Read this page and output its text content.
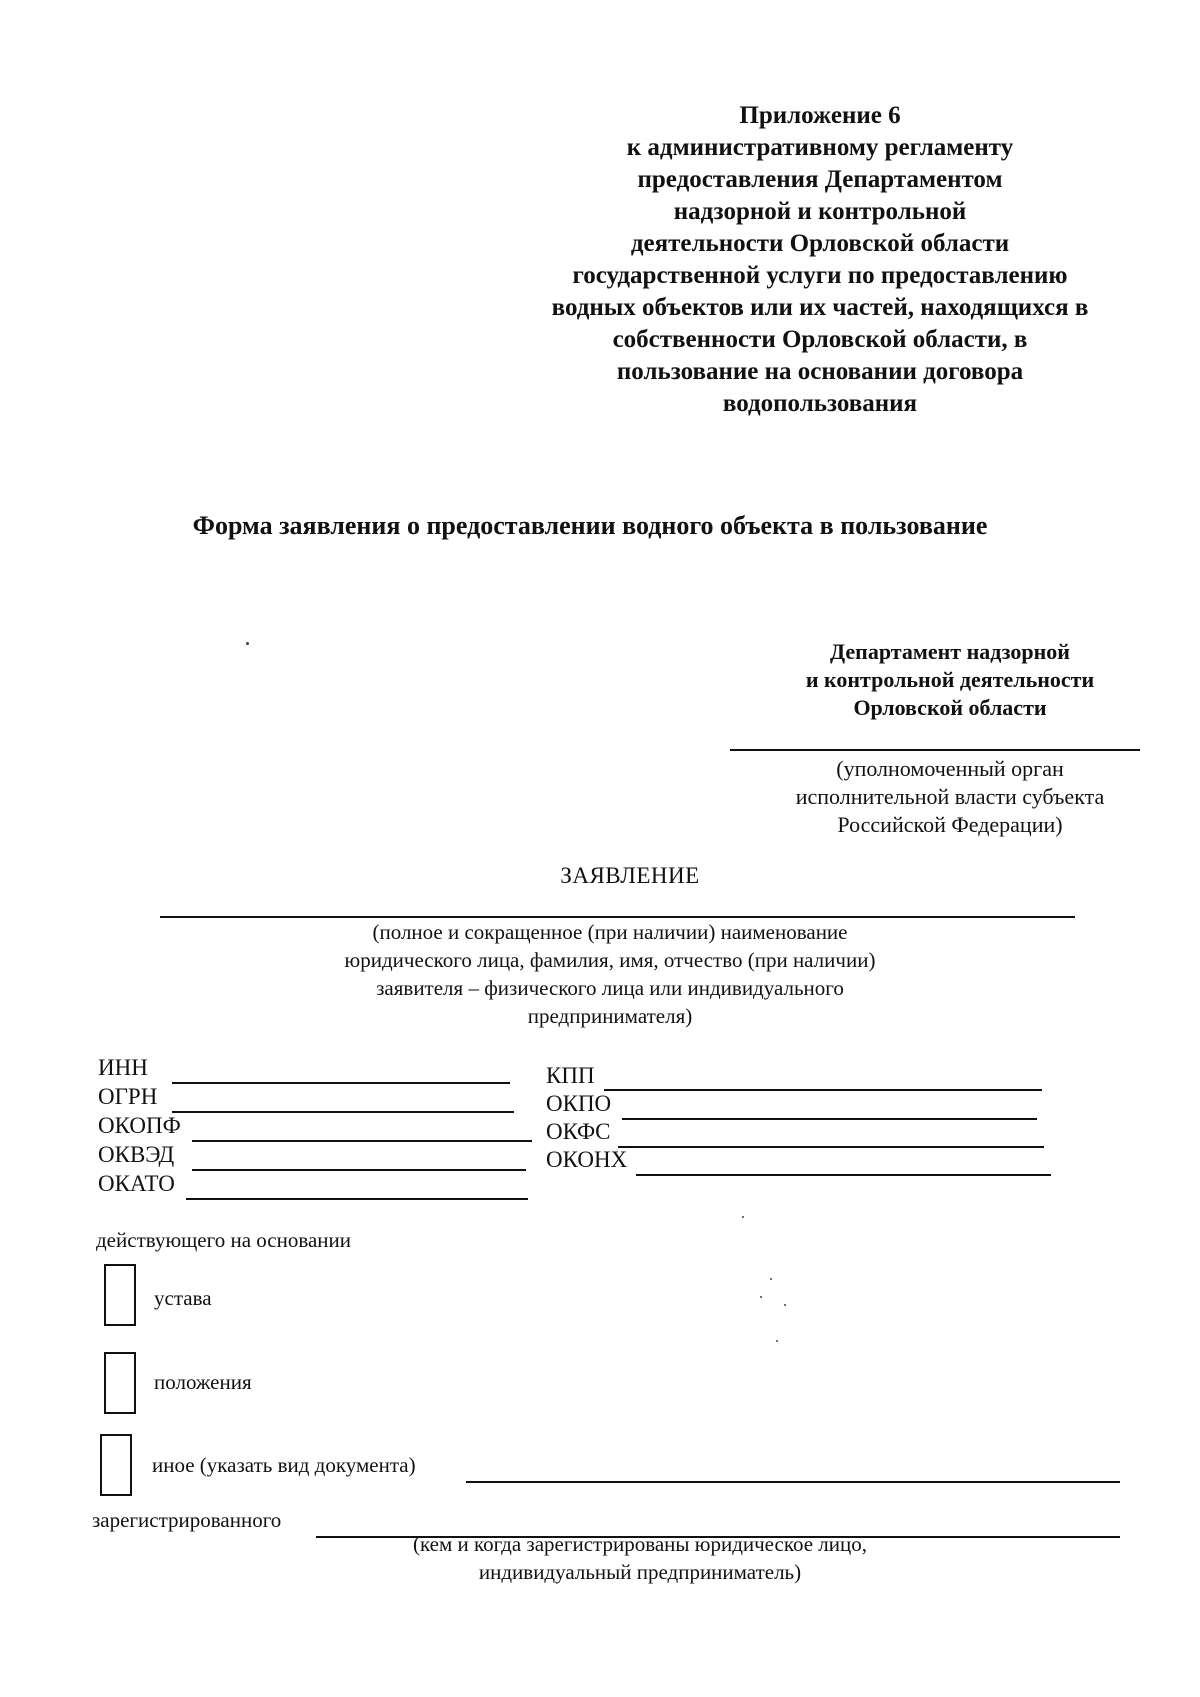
Приложение 6
к административному регламенту
предоставления Департаментом
надзорной и контрольной
деятельности Орловской области
государственной услуги по предоставлению
водных объектов или их частей, находящихся в
собственности Орловской области, в
пользование на основании договора
водопользования
Форма заявления о предоставлении водного объекта в пользование
Департамент надзорной
и контрольной деятельности
Орловской области
(уполномоченный орган
исполнительной власти субъекта
Российской Федерации)
ЗАЯВЛЕНИЕ
(полное и сокращенное (при наличии) наименование
юридического лица, фамилия, имя, отчество (при наличии)
заявителя – физического лица или индивидуального
предпринимателя)
ИНН
ОГРН
ОКОПФ
ОКВЭД
ОКАТО
КПП
ОКПО
ОКФС
ОКОНХ
действующего на основании
устава
положения
иное (указать вид документа)
зарегистрированного
(кем и когда зарегистрированы юридическое лицо,
индивидуальный предприниматель)
